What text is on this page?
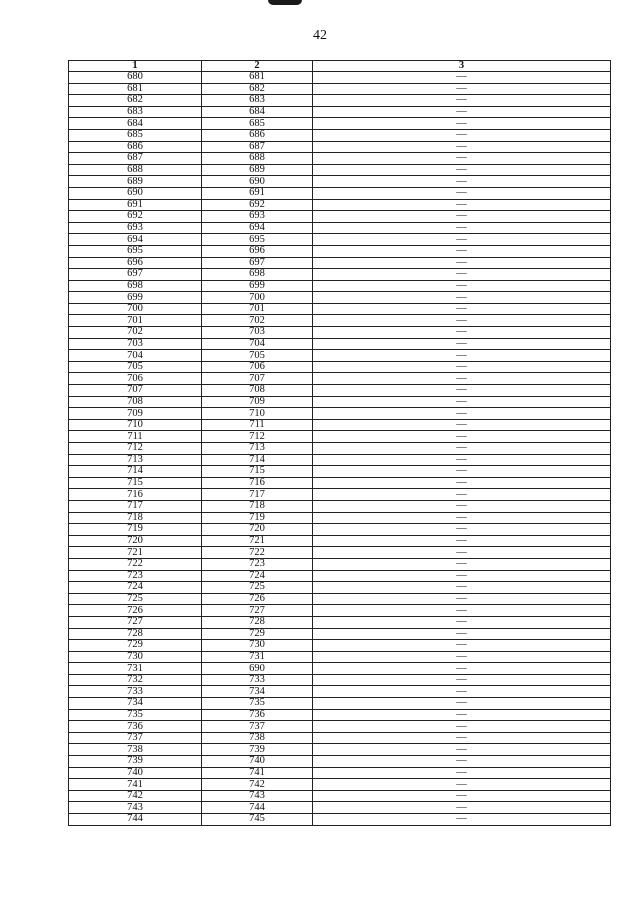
42
1	2	3
680	681	—
681	682	—
682	683	—
683	684	—
684	685	—
685	686	—
686	687	—
687	688	—
688	689	—
689	690	—
690	691	—
691	692	—
692	693	—
693	694	—
694	695	—
695	696	—
696	697	—
697	698	—
698	699	—
699	700	—
700	701	—
701	702	—
702	703	—
703	704	—
704	705	—
705	706	—
706	707	—
707	708	—
708	709	—
709	710	—
710	711	—
711	712	—
712	713	—
713	714	—
714	715	—
715	716	—
716	717	—
717	718	—
718	719	—
719	720	—
720	721	—
721	722	—
722	723	—
723	724	—
724	725	—
725	726	—
726	727	—
727	728	—
728	729	—
729	730	—
730	731	—
731	690	—
732	733	—
733	734	—
734	735	—
735	736	—
736	737	—
737	738	—
738	739	—
739	740	—
740	741	—
741	742	—
742	743	—
743	744	—
744	745	—
